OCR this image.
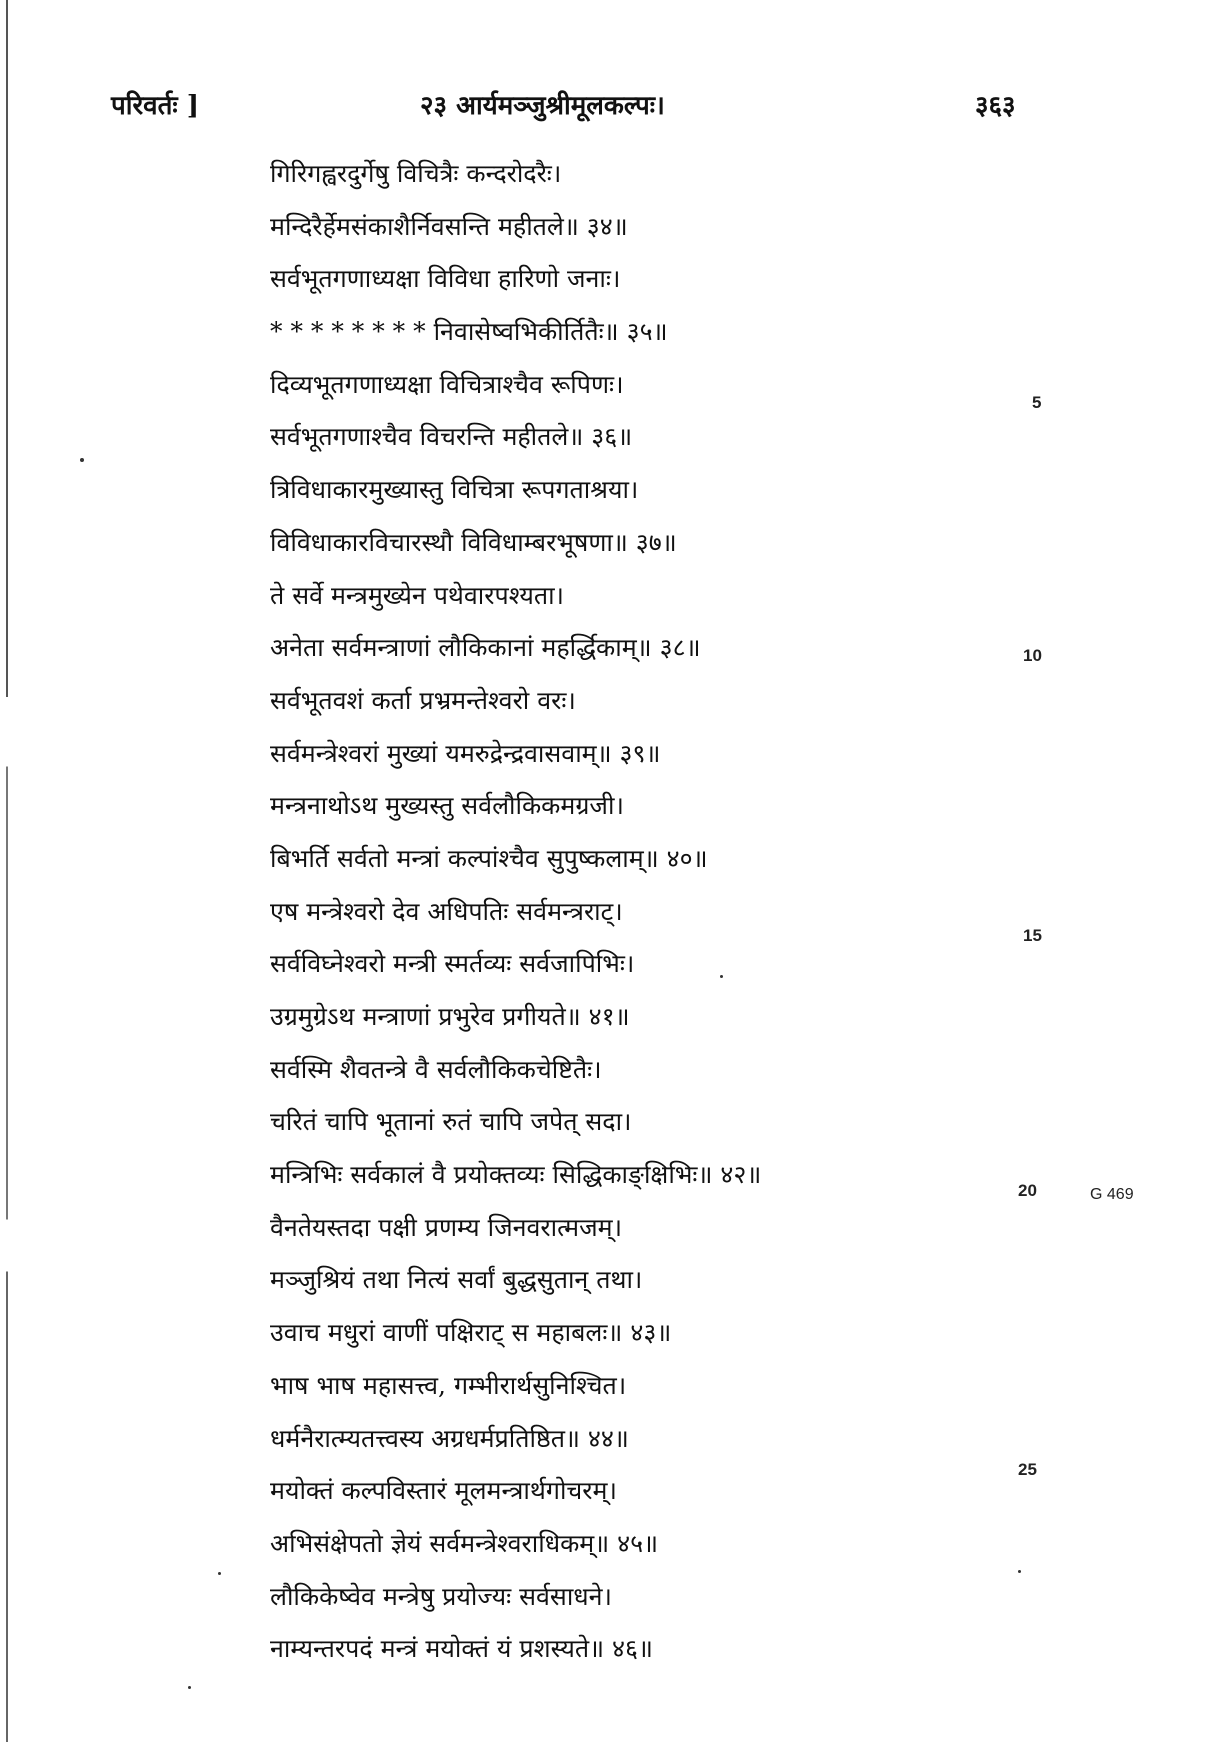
परिवर्तः ]	२३ आर्यमञ्जुश्रीमूलकल्पः।	३६३
गिरिगह्वरदुर्गेषु विचित्रैः कन्दरोदरैः।
मन्दिरैर्हेमसंकाशैर्निवसन्ति महीतले॥ ३४॥
सर्वभूतगणाध्यक्षा विविधा हारिणो जनाः।
* * * * * * * * निवासेष्वभिकीर्तितैः॥ ३५॥
दिव्यभूतगणाध्यक्षा विचित्राश्चैव रूपिणः।
सर्वभूतगणाश्चैव विचरन्ति महीतले॥ ३६॥
त्रिविधाकारमुख्यास्तु विचित्रा रूपगताश्रया।
विविधाकारविचारस्थौ विविधाम्बरभूषणा॥ ३७॥
ते सर्वे मन्त्रमुख्येन पथेवारपश्यता।
अनेता सर्वमन्त्राणां लौकिकानां महर्द्धिकाम्॥ ३८॥
सर्वभूतवशं कर्ता प्रभ्रमन्तेश्वरो वरः।
सर्वमन्त्रेश्वरां मुख्यां यमरुद्रेन्द्रवासवाम्॥ ३९॥
मन्त्रनाथोऽथ मुख्यस्तु सर्वलौकिकमग्रजी।
बिभर्ति सर्वतो मन्त्रां कल्पांश्चैव सुपुष्कलाम्॥ ४०॥
एष मन्त्रेश्वरो देव अधिपतिः सर्वमन्त्रराट्।
सर्वविघ्नेश्वरो मन्त्री स्मर्तव्यः सर्वजापिभिः।
उग्रमुग्रेऽथ मन्त्राणां प्रभुरेव प्रगीयते॥ ४१॥
सर्वस्मि शैवतन्त्रे वै सर्वलौकिकचेष्टितैः।
चरितं चापि भूतानां रुतं चापि जपेत् सदा।
मन्त्रिभिः सर्वकालं वै प्रयोक्तव्यः सिद्धिकाङ्क्षिभिः॥ ४२॥
वैनतेयस्तदा पक्षी प्रणम्य जिनवरात्मजम्।
मञ्जुश्रियं तथा नित्यं सर्वां बुद्धसुतान् तथा।
उवाच मधुरां वाणीं पक्षिराट् स महाबलः॥ ४३॥
भाष भाष महासत्त्व, गम्भीरार्थसुनिश्चित।
धर्मनैरात्म्यतत्त्वस्य अग्रधर्मप्रतिष्ठित॥ ४४॥
मयोक्तं कल्पविस्तारं मूलमन्त्रार्थगोचरम्।
अभिसंक्षेपतो ज्ञेयं सर्वमन्त्रेश्वराधिकम्॥ ४५॥
लौकिकेष्वेव मन्त्रेषु प्रयोज्यः सर्वसाधने।
नाम्यन्तरपदं मन्त्रं मयोक्तं यं प्रशस्यते॥ ४६॥
5
10
15
20
25
G 469
